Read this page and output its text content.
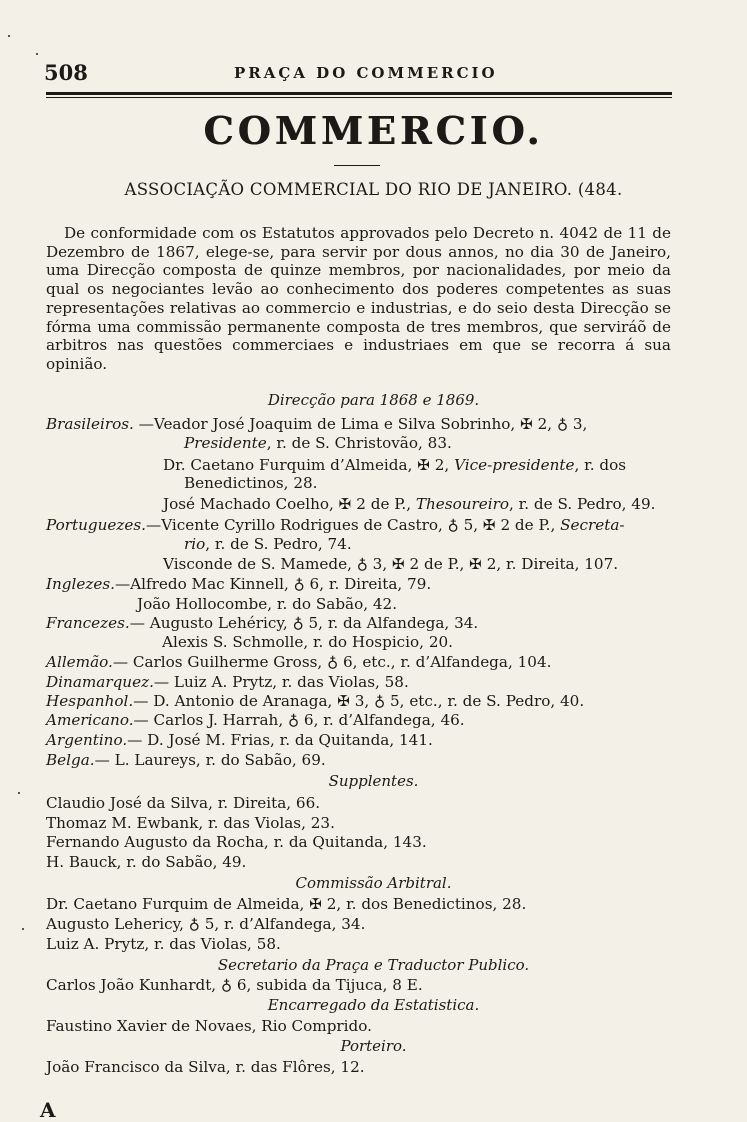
508	PRAÇA DO COMMERCIO
COMMERCIO.
ASSOCIAÇÃO COMMERCIAL DO RIO DE JANEIRO. (484.
De conformidade com os Estatutos approvados pelo Decreto n. 4042 de 11 de Dezembro de 1867, elege-se, para servir por dous annos, no dia 30 de Janeiro, uma Direcção composta de quinze membros, por nacionalidades, por meio da qual os negociantes levão ao conhecimento dos poderes competentes as suas representações relativas ao commercio e industrias, e do seio desta Direcção se fórma uma commissão permanente composta de tres membros, que serviráõ de arbitros nas questões commerciaes e industriaes em que se recorra á sua opinião.
Direcção para 1868 e 1869.
Brasileiros. —Veador José Joaquim de Lima e Silva Sobrinho, ✠ 2, ♁ 3,
Presidente, r. de S. Christovão, 83.
Dr. Caetano Furquim d’Almeida, ✠ 2, Vice-presidente, r. dos
Benedictinos, 28.
José Machado Coelho, ✠ 2 de P., Thesoureiro, r. de S. Pedro, 49.
Portuguezes.—Vicente Cyrillo Rodrigues de Castro, ♁ 5, ✠ 2 de P., Secreta-
rio, r. de S. Pedro, 74.
Visconde de S. Mamede, ♁ 3, ✠ 2 de P., ✠ 2, r. Direita, 107.
Inglezes.—Alfredo Mac Kinnell, ♁ 6, r. Direita, 79.
João Hollocombe, r. do Sabão, 42.
Francezes.— Augusto Lehéricy, ♁ 5, r. da Alfandega, 34.
Alexis S. Schmolle, r. do Hospicio, 20.
Allemão.— Carlos Guilherme Gross, ♁ 6, etc., r. d’Alfandega, 104.
Dinamarquez.— Luiz A. Prytz, r. das Violas, 58.
Hespanhol.— D. Antonio de Aranaga, ✠ 3, ♁ 5, etc., r. de S. Pedro, 40.
Americano.— Carlos J. Harrah, ♁ 6, r. d’Alfandega, 46.
Argentino.— D. José M. Frias, r. da Quitanda, 141.
Belga.— L. Laureys, r. do Sabão, 69.
Supplentes.
Claudio José da Silva, r. Direita, 66.
Thomaz M. Ewbank, r. das Violas, 23.
Fernando Augusto da Rocha, r. da Quitanda, 143.
H. Bauck, r. do Sabão, 49.
Commissão Arbitral.
Dr. Caetano Furquim de Almeida, ✠ 2, r. dos Benedictinos, 28.
Augusto Lehericy, ♁ 5, r. d’Alfandega, 34.
Luiz A. Prytz, r. das Violas, 58.
Secretario da Praça e Traductor Publico.
Carlos João Kunhardt, ♁ 6, subida da Tijuca, 8 E.
Encarregado da Estatistica.
Faustino Xavier de Novaes, Rio Comprido.
Porteiro.
João Francisco da Silva, r. das Flôres, 12.
A
